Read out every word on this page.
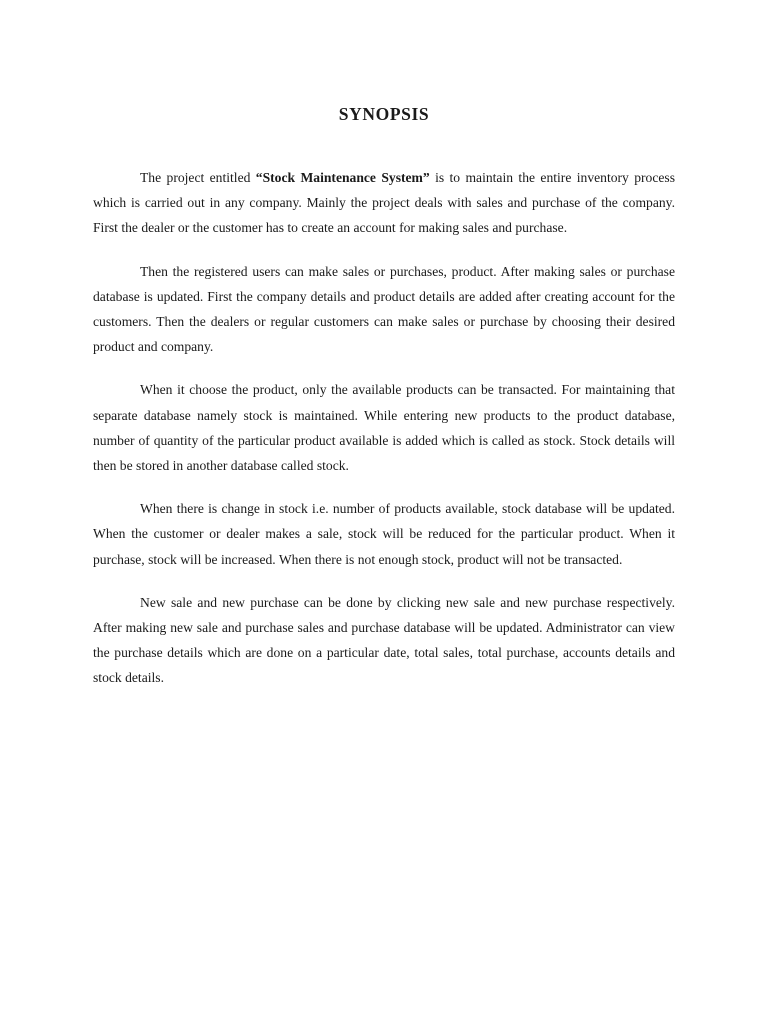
SYNOPSIS

The project entitled “Stock Maintenance System” is to maintain the entire inventory process which is carried out in any company. Mainly the project deals with sales and purchase of the company. First the dealer or the customer has to create an account for making sales and purchase.

Then the registered users can make sales or purchases, product. After making sales or purchase database is updated. First the company details and product details are added after creating account for the customers. Then the dealers or regular customers can make sales or purchase by choosing their desired product and company.

When it choose the product, only the available products can be transacted. For maintaining that separate database namely stock is maintained. While entering new products to the product database, number of quantity of the particular product available is added which is called as stock. Stock details will then be stored in another database called stock.

When there is change in stock i.e. number of products available, stock database will be updated. When the customer or dealer makes a sale, stock will be reduced for the particular product. When it purchase, stock will be increased. When there is not enough stock, product will not be transacted.

New sale and new purchase can be done by clicking new sale and new purchase respectively. After making new sale and purchase sales and purchase database will be updated. Administrator can view the purchase details which are done on a particular date, total sales, total purchase, accounts details and stock details.
